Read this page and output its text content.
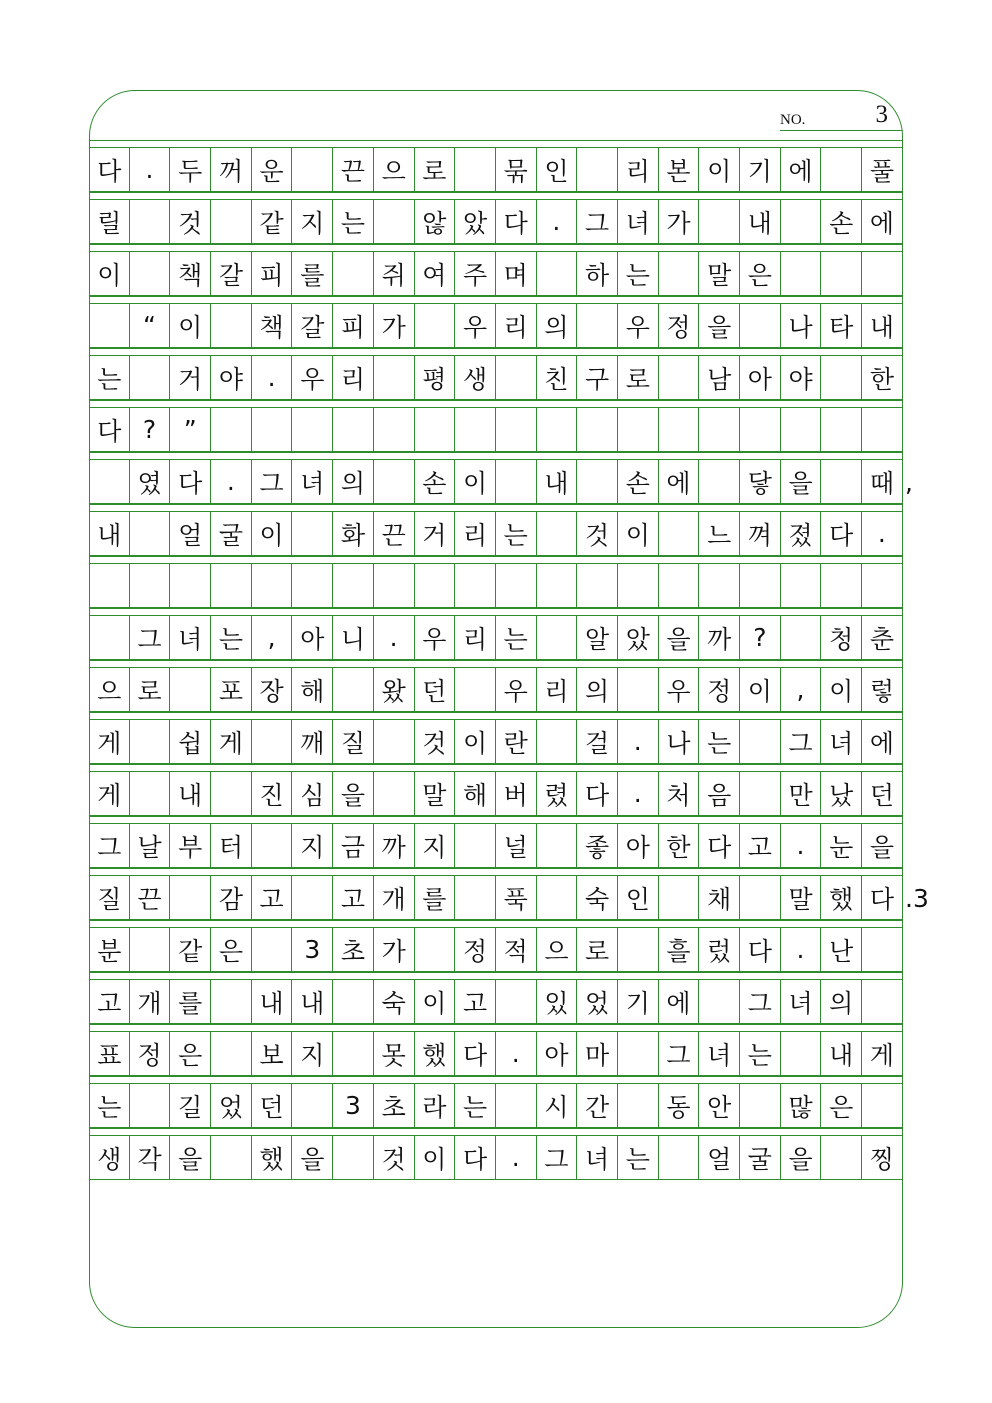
NO.	3
다 . 두 꺼 운	끈 으 로	묶 인	리 본 이 기 에	풀
릴	것	같 지 는	않 았 다 . 그 녀 가	내	손 에
이	책 갈 피 를	쥐 여 주 며	하 는	말 은
“ 이	책 갈 피 가	우 리 의	우 정 을	나 타 내
는	거 야 . 우 리	평 생	친 구 로	남 아 야	한
다 ?	”
였 다 . 그 녀 의	손 이	내	손 에	닿 을	때 ,
내	얼 굴 이	화 끈 거 리 는	것 이	느 껴 졌 다 .
그 녀 는 , 아 니 . 우 리 는	알 았 을 까 ?	청 춘
으 로	포 장 해	왔 던	우 리 의	우 정 이 , 이 렇
게	쉽 게	깨 질	것 이 란	걸 . 나 는	그 녀 에
게	내	진 심 을	말 해 버 렸 다 . 처 음	만 났 던
그 날 부 터	지 금 까 지	널	좋 아 한 다 고 . 눈 을
질 끈	감 고	고 개 를	푹	숙 인	채	말 했 다 .3
분	같 은	3 초 가	정 적 으 로	흘 렀 다 . 난
고 개 를	내 내	숙 이 고	있 었 기 에	그 녀 의
표 정 은	보 지	못 했 다 . 아 마	그 녀 는	내 게
는	길 었 던	3 초 라 는	시 간	동 안	많 은
생 각 을	했 을	것 이 다 . 그 녀 는	얼 굴 을	찡
